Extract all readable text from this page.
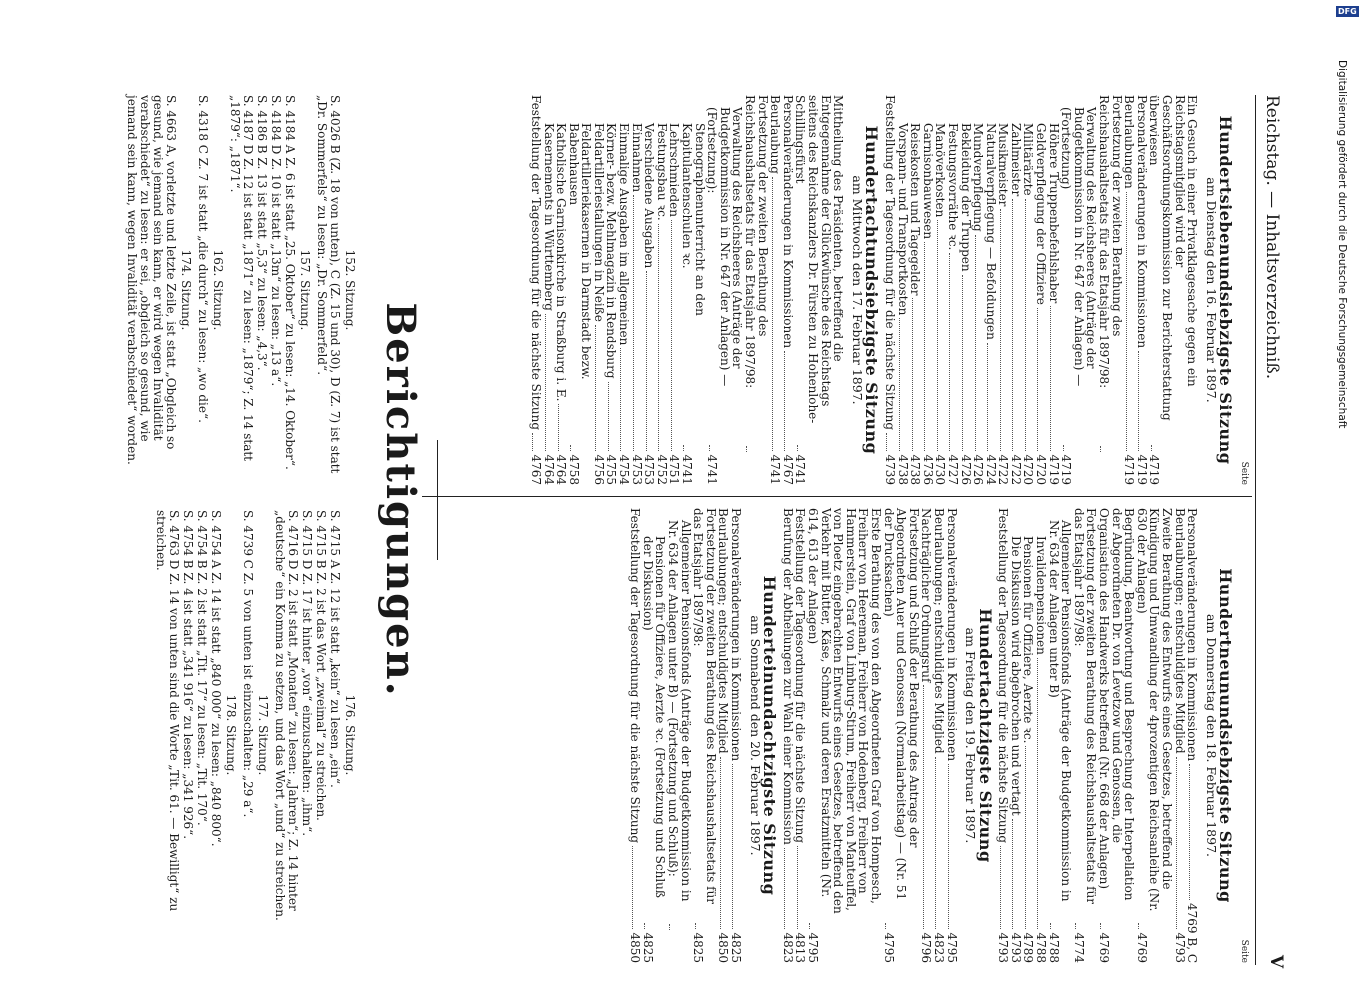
Reichstag. — Inhaltsverzeichniß.
V
Seite
Hundertsiebenundsiebzigste Sitzung
am Dienstag den 16. Februar 1897.
Ein Gesuch in einer Privatklagesache gegen ein Reichstagsmitglied wird der Geschäftsordnungskommission zur Berichterstattung überwiesen
4719
Personalveränderungen in Kommissionen
4719
Beurlaubungen
4719
Fortsetzung der zweiten Berathung des Reichshaushaltsetats für das Etatsjahr 1897/98:
Verwaltung des Reichsheeres (Anträge der Budgetkommission in Nr. 647 der Anlagen) — (Fortsetzung)
4719
Höhere Truppenbefehlshaber
4719
Geldverpflegung der Offiziere
4720
Militärärzte
4720
Zahlmeister
4722
Musikmeister
4722
Naturalverpflegung — Befoldungen
4724
Mundverpflegung
4726
Bekleidung der Truppen
4726
Festungsvorräthe ꝛc.
4727
Manöverkosten
4730
Garnisonbauwesen
4736
Reisekosten und Tagegelder
4738
Vorspann- und Transportkosten
4738
Feststellung der Tagesordnung für die nächste Sitzung
4739
Hundertachtundsiebzigste Sitzung
am Mittwoch den 17. Februar 1897.
Mittheilung des Präsidenten, betreffend die Entgegennahme der Glückwünsche des Reichstags seitens des Reichskanzlers Dr. Fürsten zu Hohenlohe-Schillingsfürst
4741
Personalveränderungen in Kommissionen
4767
Beurlaubung
4741
Fortsetzung der zweiten Berathung des Reichshaushaltsetats für das Etatsjahr 1897/98:
Verwaltung des Reichsheeres (Anträge der Budgetkommission in Nr. 647 der Anlagen) — (Fortsetzung):
4741
Stenographenunterricht an den Kapitulantenschulen ꝛc.
4741
Lehrschmieden
4751
Festungsbau ꝛc.
4752
Verschiedene Ausgaben
4753
Einnahmen
4753
Einmalige Ausgaben im allgemeinen
4754
Körner- bezw. Mehlmagazin in Rendsburg
4755
Feldartilleriestallungen in Neiße
4756
Feldartilleriekasernen in Darmstadt bezw. Babenhausen
4758
Katholische Garnisonkirche in Straßburg i. E.
4764
Kasernements in Württemberg
4764
Feststellung der Tagesordnung für die nächste Sitzung
4767
Seite
Hundertneunundsiebzigste Sitzung
am Donnerstag den 18. Februar 1897.
Personalveränderungen in Kommissionen
4769 B, C
Beurlaubungen; entschuldigtes Mitglied
4793
Zweite Berathung des Entwurfs eines Gesetzes, betreffend die Kündigung und Umwandlung der 4prozentigen Reichsanleihe (Nr. 630 der Anlagen)
4769
Begründung, Beantwortung und Besprechung der Interpellation der Abgeordneten Dr. von Levetzow und Genossen, die Organisation des Handwerks betreffend (Nr. 668 der Anlagen)
4769
Fortsetzung der zweiten Berathung des Reichshaushaltsetats für das Etatsjahr 1897/98:
4774
Allgemeiner Pensionsfonds (Anträge der Budgetkommission in Nr. 634 der Anlagen unter B)
4788
Invalidenpensionen
4788
Pensionen für Offiziere, Aerzte ꝛc.
4789
Die Diskussion wird abgebrochen und vertagt
4793
Feststellung der Tagesordnung für die nächste Sitzung
4793
Hundertachtzigste Sitzung
am Freitag den 19. Februar 1897.
Personalveränderungen in Kommissionen
4795
Beurlaubungen; entschuldigtes Mitglied
4823
Nachträglicher Ordnungsruf
4796
Fortsetzung und Schluß der Berathung des Antrags der Abgeordneten Auer und Genossen (Normalarbeitstag) — (Nr. 51 der Drucksachen)
4795
Erste Berathung des von den Abgeordneten Graf von Hompesch, Freiherr von Heereman, Freiherr von Hodenberg, Freiherr von Hammerstein, Graf von Limburg-Stirum, Freiherr von Manteuffel, von Ploetz eingebrachten Entwurfs eines Gesetzes, betreffend den Verkehr mit Butter, Käse, Schmalz und deren Ersatzmitteln (Nr. 614, 613 der Anlagen)
4795
Feststellung der Tagesordnung für die nächste Sitzung
4813
Berufung der Abtheilungen zur Wahl einer Kommission
4823
Hunderteinundachtzigste Sitzung
am Sonnabend den 20. Februar 1897.
Personalveränderungen in Kommissionen
4825
Beurlaubungen; entschuldigtes Mitglied
4850
Fortsetzung der zweiten Berathung des Reichshaushaltsetats für das Etatsjahr 1897/98:
4825
Allgemeiner Pensionsfonds (Anträge der Budgetkommission in Nr. 634 der Anlagen unter B) — (Fortsetzung und Schluß):
Pensionen für Offiziere, Aerzte ꝛc. (Fortsetzung und Schluß der Diskussion)
4825
Feststellung der Tagesordnung für die nächste Sitzung
4850
Berichtigungen.
152. Sitzung.
S. 4026 B (Z. 18 von unten), C (Z. 15 und 30), D (Z. 7) ist statt „Dr. Sommerfels“ zu lesen: „Dr. Sommerfeld“.
157. Sitzung.
S. 4184 A Z. 6 ist statt „25. Oktober“ zu lesen: „14. Oktober“.
S. 4184 D Z. 10 ist statt „13m“ zu lesen: „13 a“.
S. 4186 B Z. 13 ist statt „5,3“ zu lesen: „4,3“.
S. 4187 D Z. 12 ist statt „1871“ zu lesen: „1879“; Z. 14 statt „1879“: „1871“.
162. Sitzung.
S. 4318 C Z. 7 ist statt „die durch“ zu lesen: „wo die“.
174. Sitzung.
S. 4663 A, vorletzte und letzte Zeile, ist statt „Obgleich so gesund, wie jemand sein kann, er wird wegen Invalidität verabschiedet“ zu lesen: er sei, „obgleich so gesund, wie jemand sein kann, wegen Invalidität verabschiedet“ worden.
176. Sitzung.
S. 4715 A Z. 12 ist statt „kein“ zu lesen „ein“.
S. 4715 B Z. 2 ist das Wort „zweimal“ zu streichen.
S. 4715 D Z. 17 ist hinter „von“ einzuschalten: „ihm“.
S. 4716 D Z. 2 ist statt „Monaten“ zu lesen: „Jahren“; Z. 14 hinter „deutsche“ ein Komma zu setzen, und das Wort „und“ zu streichen.
177. Sitzung.
S. 4739 C Z. 5 von unten ist einzuschalten: „29 a“.
178. Sitzung.
S. 4754 A Z. 14 ist statt „840 000“ zu lesen: „840 800“.
S. 4754 B Z. 2 ist statt „Tit. 17“ zu lesen: „Tit. 170“.
S. 4754 B Z. 4 ist statt „341 916“ zu lesen: „341 926“.
S. 4763 D Z. 14 von unten sind die Worte „Tit. 61. — Bewilligt“ zu streichen.
Digitalisierung gefördert durch die Deutsche Forschungsgemeinschaft
DFG
